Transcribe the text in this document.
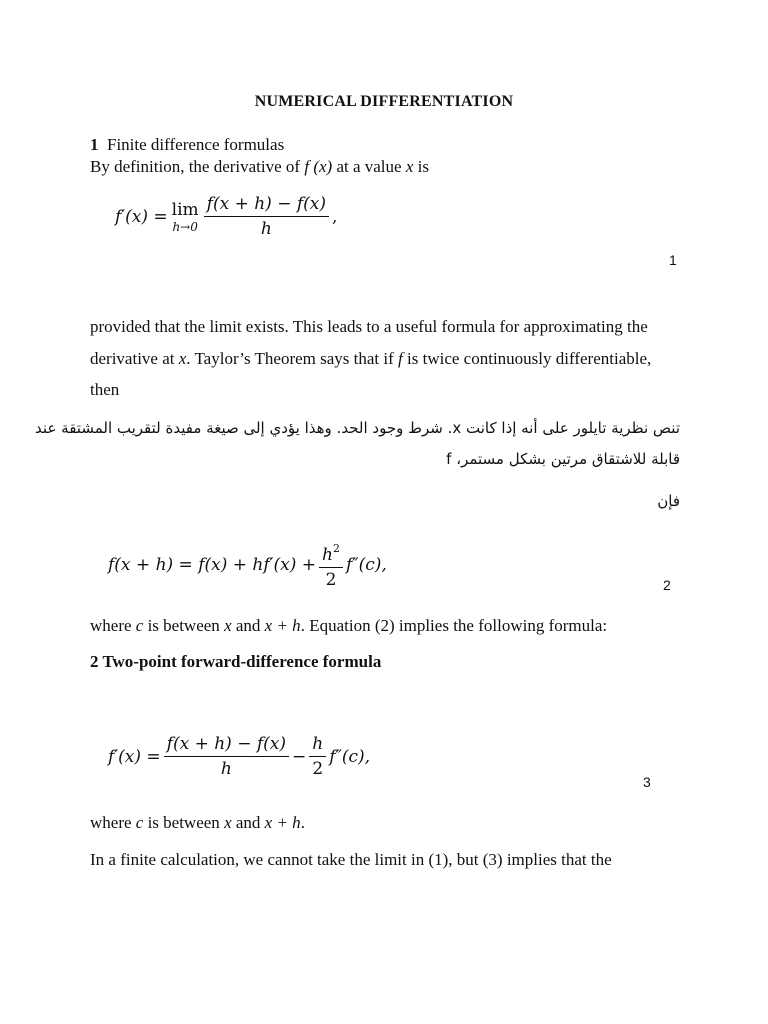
NUMERICAL DIFFERENTIATION
1 Finite difference formulas
By definition, the derivative of f (x) at a value x is
f′(x) = lim
$h\to 0 \frac{f(x + h) - f(x)}{h}$ ,
1
provided that the limit exists. This leads to a useful formula for approximating the
derivative at x. Taylor’s Theorem says that if f is twice continuously differentiable,
then
تنص نظرية تايلور على أنه إذا كانت x. شرط وجود الحد. وهذا يؤدي إلى صيغة مفيدة لتقريب المشتقة عند
قابلة للاشتقاق مرتين بشكل مستمر، f
فإن
$f(x + h) = f(x) + hf'(x) + \frac{h^2}{2} f''(c)$,
2
where c is between x and x + h. Equation (2) implies the following formula:
2 Two-point forward-difference formula
$f'(x) = \frac{f(x + h) - f(x)}{h} - \frac{h}{2} f''(c)$,
3
where c is between x and x + h.
In a finite calculation, we cannot take the limit in (1), but (3) implies that the
